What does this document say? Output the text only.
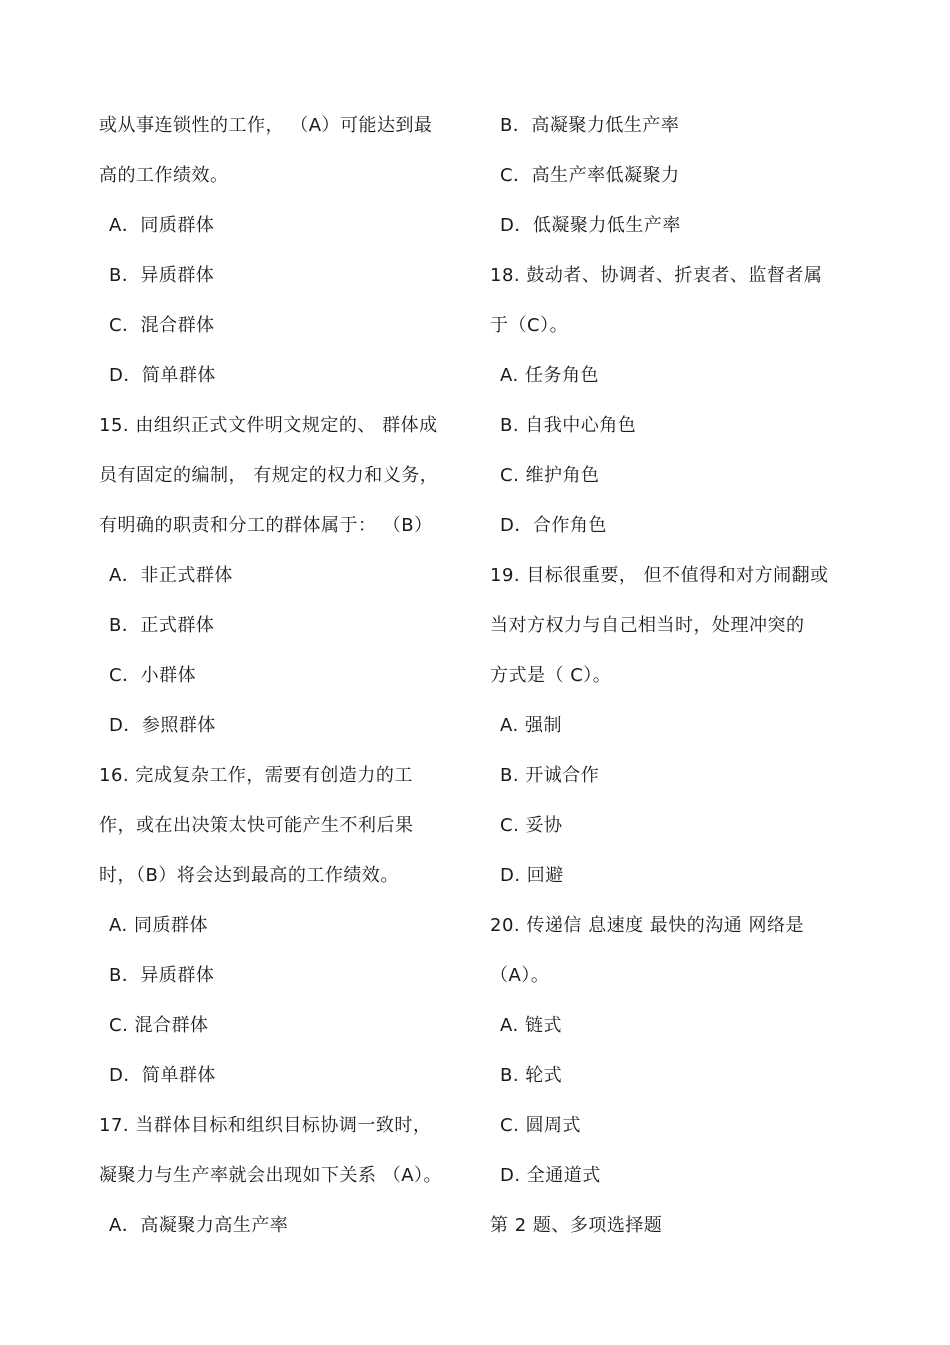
或从事连锁性的工作， （A）可能达到最
高的工作绩效。
A．同质群体
B．异质群体
C．混合群体
D．简单群体
15. 由组织正式文件明文规定的、 群体成
员有固定的编制， 有规定的权力和义务，
有明确的职责和分工的群体属于： （B）
A．非正式群体
B．正式群体
C．小群体
D．参照群体
16. 完成复杂工作，需要有创造力的工
作，或在出决策太快可能产生不利后果
时，（B）将会达到最高的工作绩效。
A. 同质群体
B．异质群体
C. 混合群体
D．简单群体
17. 当群体目标和组织目标协调一致时，
凝聚力与生产率就会出现如下关系 （A）。
A．高凝聚力高生产率
B．高凝聚力低生产率
C．高生产率低凝聚力
D．低凝聚力低生产率
18. 鼓动者、协调者、折衷者、监督者属
于（C）。
A. 任务角色
B. 自我中心角色
C. 维护角色
D．合作角色
19. 目标很重要， 但不值得和对方闹翻或
当对方权力与自己相当时，处理冲突的
方式是（ C）。
A. 强制
B. 开诚合作
C. 妥协
D. 回避
20. 传递信 息速度 最快的沟通 网络是
（A）。
A. 链式
B. 轮式
C. 圆周式
D. 全通道式
第 2 题、多项选择题
